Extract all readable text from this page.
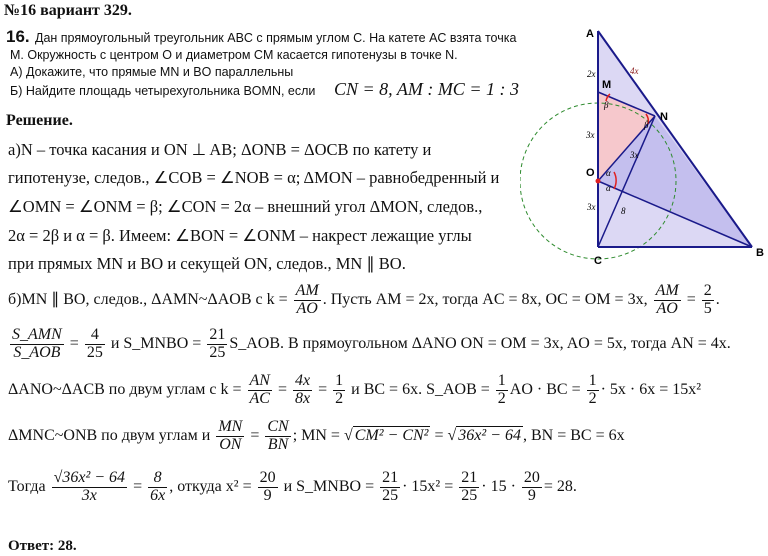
№16 вариант 329.
16. Дан прямоугольный треугольник ABC с прямым углом C. На катете AC взята точка
M. Окружность с центром O и диаметром CM касается гипотенузы в точке N.
А) Докажите, что прямые MN и BO параллельны
Б) Найдите площадь четырехугольника BOMN, если CN = 8, AM : MC = 1 : 3
Решение.
а)N – точка касания и ON ⊥ AB; ΔONB = ΔOCB по катету и
гипотенузе, следов., ∠COB = ∠NOB = α; ΔMON – равнобедренный и
∠OMN = ∠ONM = β; ∠CON = 2α – внешний угол ΔMON, следов.,
2α = 2β и α = β. Имеем: ∠BON = ∠ONM – накрест лежащие углы
при прямых MN и BO и секущей ON, следов., MN ∥ BO.
б)MN ∥ BO, следов., ΔAMN~ΔAOB с $k = \frac{AM}{AO}$ . Пусть AM = 2x, тогда AC = 8x, OC = OM = 3x, $\frac{AM}{AO} = \frac{2}{5}$ .
S_AMN
S_AOB
= $\frac{4}{25}$ и S_MNBO = $\frac{21}{25}$ S_AOB. В прямоугольном ΔANO ON = OM = 3x, AO = 5x, тогда AN = 4x.
ΔANO~ΔACB по двум углам с $k = \frac{AN}{AC} = \frac{4x}{8x} = \frac{1}{2}$ и BC = 6x. S_AOB = $\frac{1}{2}$ AO · BC = $\frac{1}{2} \cdot 5x \cdot 6x = 15x^2$
ΔMNC~ONB по двум углам и $\frac{MN}{ON} = \frac{CN}{BN}$ ; MN = √ CM² − CN² = √ 36x² − 64 , BN = BC = 6x
Тогда $\frac{\text{√36x² − 64}}{3x} = \frac{8}{6x}$ , откуда $x^2 = \frac{20}{9}$ и S_MNBO = $\frac{21}{25} \cdot 15x^2 = \frac{21}{25} \cdot 15 \cdot \frac{20}{9} = 28$.
Ответ: 28.
A
B
C
M
N
O
2x	4x
3x
3x
3x
8
β
β
α
α
